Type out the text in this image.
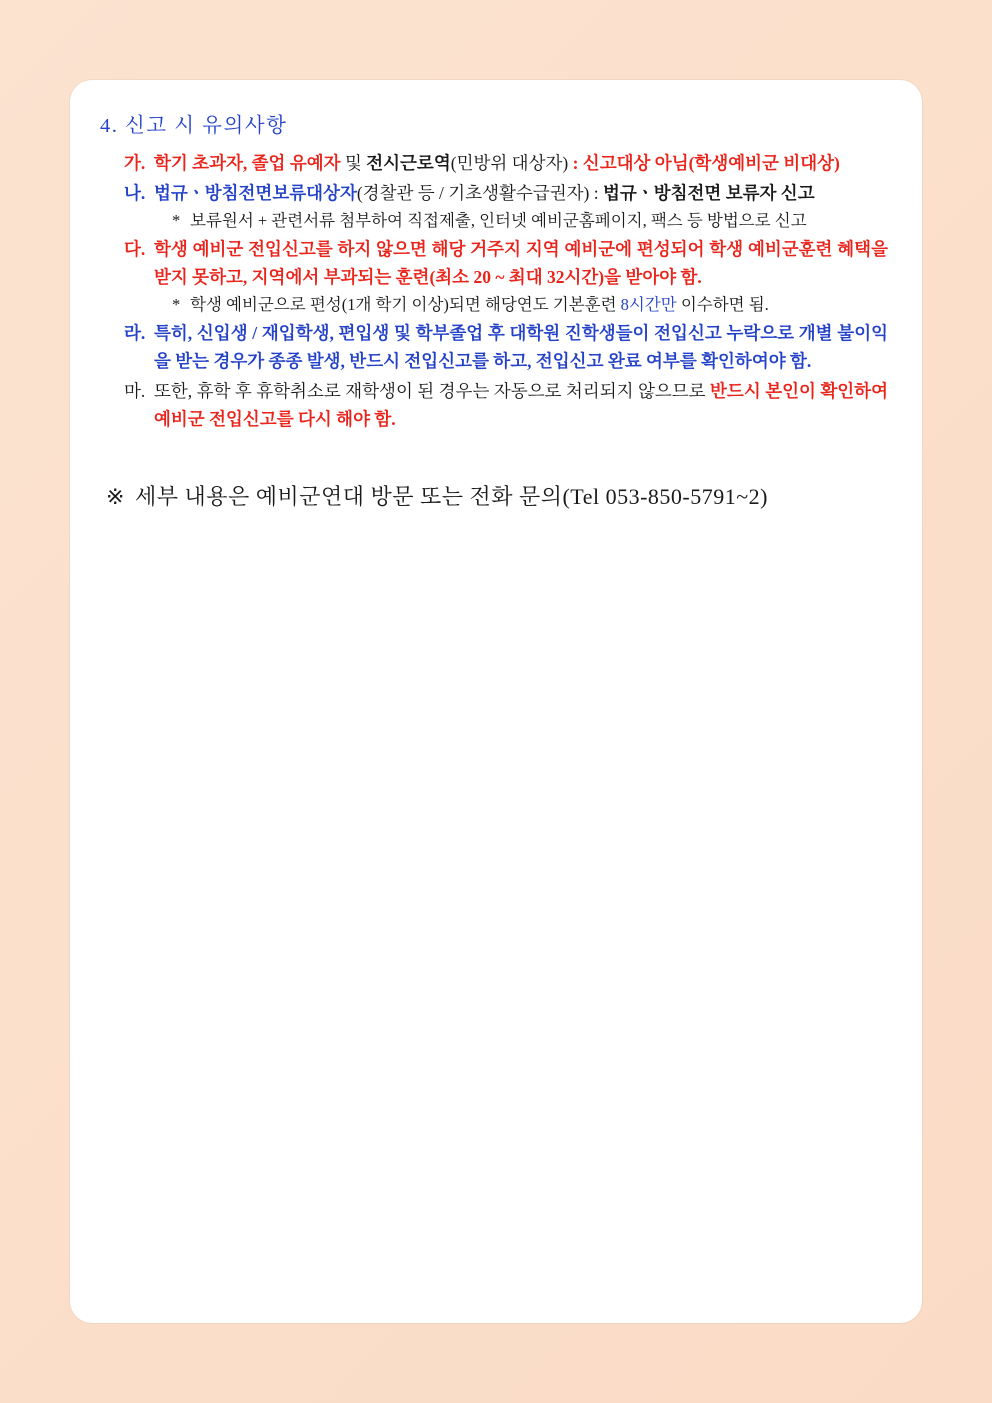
4. 신고 시 유의사항
가. 학기 초과자, 졸업 유예자 및 전시근로역(민방위 대상자) : 신고대상 아님(학생예비군 비대상)
나. 법규ㆍ방침전면보류대상자(경찰관 등 / 기초생활수급권자) : 법규ㆍ방침전면 보류자 신고
* 보류원서 + 관련서류 첨부하여 직접제출, 인터넷 예비군홈페이지, 팩스 등 방법으로 신고
다. 학생 예비군 전입신고를 하지 않으면 해당 거주지 지역 예비군에 편성되어 학생 예비군훈련 혜택을 받지 못하고, 지역에서 부과되는 훈련(최소 20 ~ 최대 32시간)을 받아야 함.
* 학생 예비군으로 편성(1개 학기 이상)되면 해당연도 기본훈련 8시간만 이수하면 됨.
라. 특히, 신입생 / 재입학생, 편입생 및 학부졸업 후 대학원 진학생들이 전입신고 누락으로 개별 불이익을 받는 경우가 종종 발생, 반드시 전입신고를 하고, 전입신고 완료 여부를 확인하여야 함.
마. 또한, 휴학 후 휴학취소로 재학생이 된 경우는 자동으로 처리되지 않으므로 반드시 본인이 확인하여 예비군 전입신고를 다시 해야 함.
※ 세부 내용은 예비군연대 방문 또는 전화 문의(Tel 053-850-5791~2)
